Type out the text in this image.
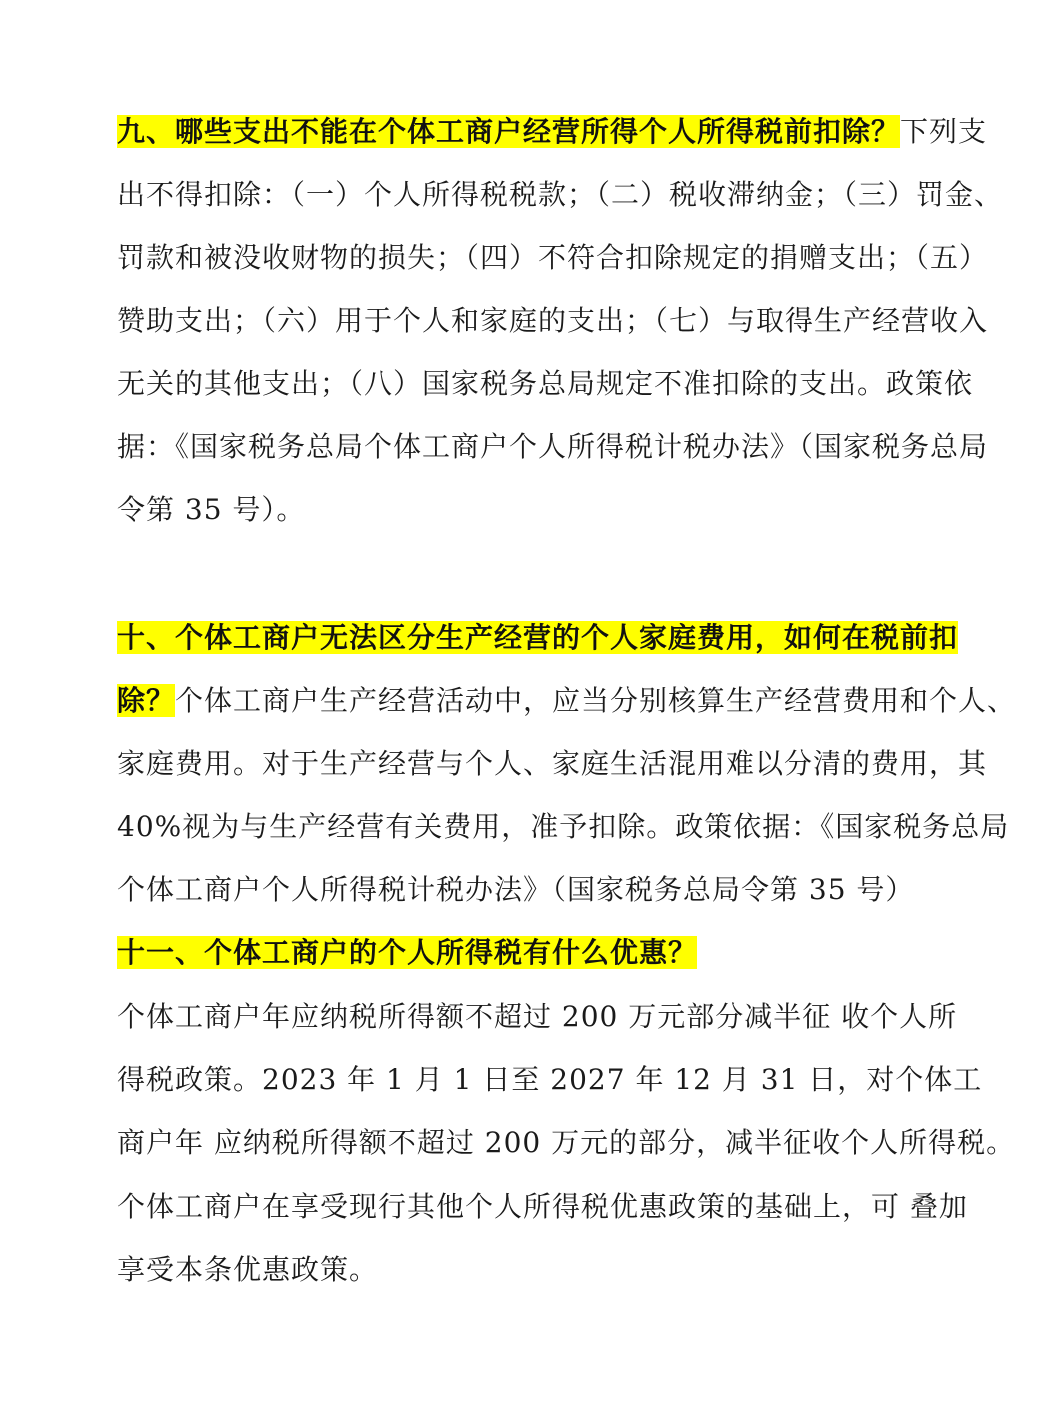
九、哪些支出不能在个体工商户经营所得个人所得税前扣除？下列支
出不得扣除：（一）个人所得税税款；（二）税收滞纳金；（三）罚金、
罚款和被没收财物的损失；（四）不符合扣除规定的捐赠支出；（五）
赞助支出；（六）用于个人和家庭的支出；（七）与取得生产经营收入
无关的其他支出；（八）国家税务总局规定不准扣除的支出。政策依
据：《国家税务总局个体工商户个人所得税计税办法》（国家税务总局
令第 35 号）。
十、个体工商户无法区分生产经营的个人家庭费用，如何在税前扣
除？个体工商户生产经营活动中，应当分别核算生产经营费用和个人、
家庭费用。对于生产经营与个人、家庭生活混用难以分清的费用，其
40%视为与生产经营有关费用，准予扣除。政策依据：《国家税务总局
个体工商户个人所得税计税办法》（国家税务总局令第 35 号）
十一、个体工商户的个人所得税有什么优惠？
个体工商户年应纳税所得额不超过 200 万元部分减半征 收个人所
得税政策。2023 年 1 月 1 日至 2027 年 12 月 31 日，对个体工
商户年 应纳税所得额不超过 200 万元的部分，减半征收个人所得税。
个体工商户在享受现行其他个人所得税优惠政策的基础上，可 叠加
享受本条优惠政策。
